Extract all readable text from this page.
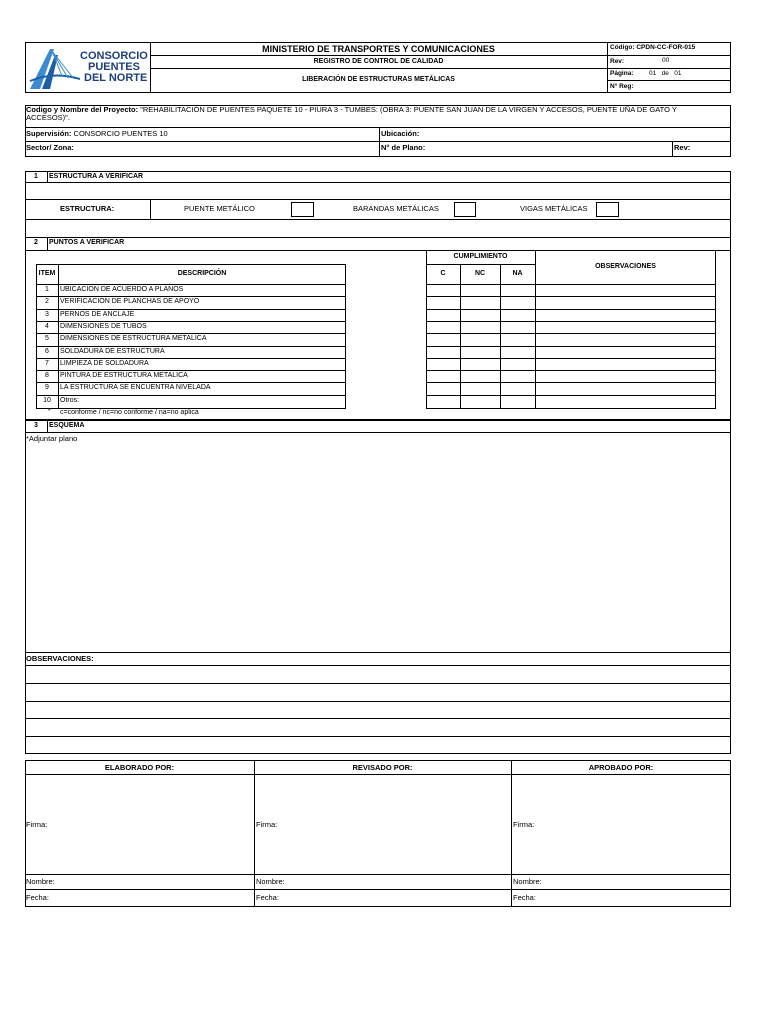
CONSORCIO
PUENTES
DEL NORTE
MINISTERIO DE TRANSPORTES Y COMUNICACIONES
REGISTRO DE CONTROL DE CALIDAD
LIBERACIÓN DE ESTRUCTURAS METÁLICAS
Código: CPDN-CC-FOR-015
Rev:	00
Página: 01   de   01
N° Reg:
Codigo y Nombre del Proyecto: "REHABILITACIÓN DE PUENTES PAQUETE 10 - PIURA 3 - TUMBES: (OBRA 3: PUENTE SAN JUAN DE LA VIRGEN Y ACCESOS, PUENTE UÑA DE GATO Y
ACCESOS)".
Supervisión: CONSORCIO PUENTES 10	Ubicación:
Sector/ Zona:	N° de Plano:	Rev:
1	ESTRUCTURA A VERIFICAR
ESTRUCTURA:	PUENTE METÁLICO	BARANDAS METÁLICAS	VIGAS METÁLICAS
2	PUNTOS A VERIFICAR
ITEM	DESCRIPCIÓN
CUMPLIMIENTO
C	NC	NA
OBSERVACIONES
1	UBICACIÓN DE ACUERDO A PLANOS
2	VERIFICACIÓN DE PLANCHAS DE APOYO
3	PERNOS DE ANCLAJE
4	DIMENSIONES DE TUBOS
5	DIMENSIONES DE ESTRUCTURA METALICA
6	SOLDADURA DE ESTRUCTURA
7	LIMPIEZA DE SOLDADURA
8	PINTURA DE ESTRUCTURA METALICA
9	LA ESTRUCTURA SE ENCUENTRA NIVELADA
10	Otros:
* c=conforme / nc=no conforme / na=no aplica
3	ESQUEMA
*Adjuntar plano
OBSERVACIONES:
ELABORADO POR:	REVISADO POR:	APROBADO POR:
Firma:	Firma:	Firma:
Nombre:	Nombre:	Nombre:
Fecha:	Fecha:	Fecha:
